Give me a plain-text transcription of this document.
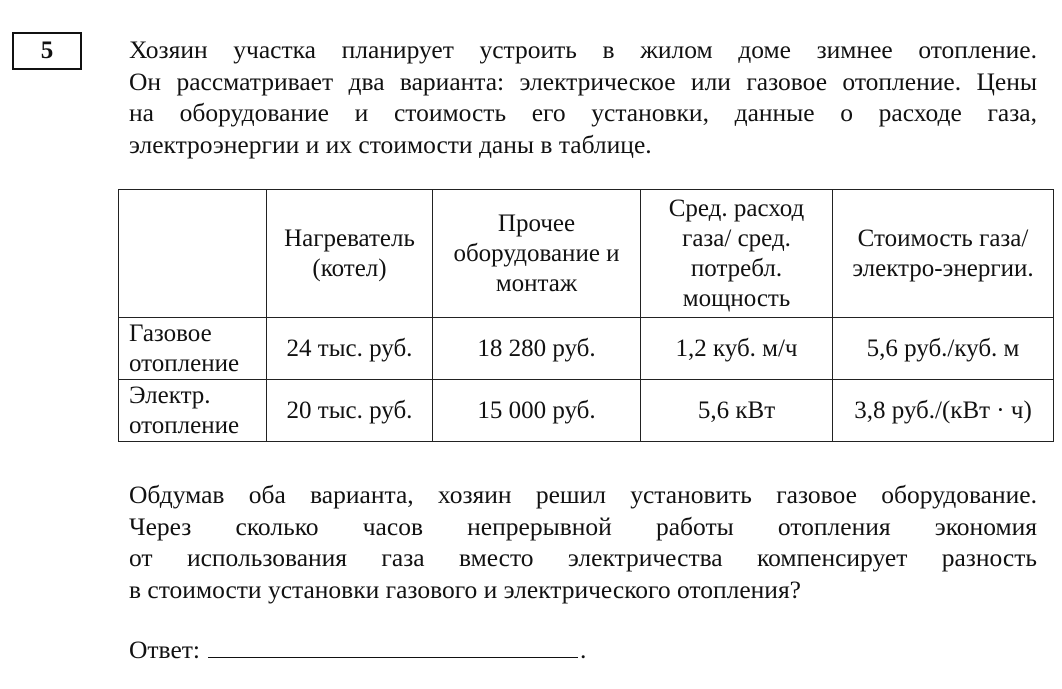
5	Хозяин участка планирует устроить в жилом доме зимнее отопление.
Он рассматривает два варианта: электрическое или газовое отопление. Цены
на оборудование и стоимость его установки, данные о расходе газа,
электроэнергии и их стоимости даны в таблице.
	Нагреватель (котел)	Прочее оборудование и монтаж	Сред. расход газа/ сред. потребл. мощность	Стоимость газа/электро-энергии.
Газовое отопление	24 тыс. руб.	18 280 руб.	1,2 куб. м/ч	5,6 руб./куб. м
Электр. отопление	20 тыс. руб.	15 000 руб.	5,6 кВт	3,8 руб./(кВт · ч)
Обдумав оба варианта, хозяин решил установить газовое оборудование.
Через сколько часов непрерывной работы отопления экономия
от использования газа вместо электричества компенсирует разность
в стоимости установки газового и электрического отопления?
Ответ:	.
